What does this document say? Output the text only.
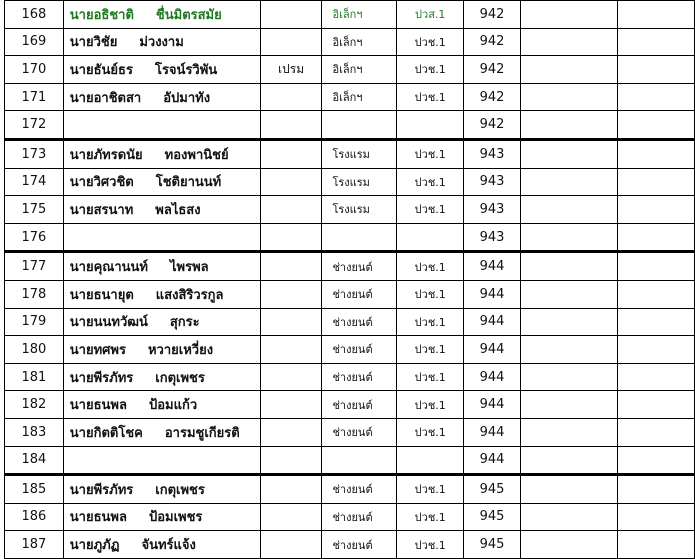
168	นายอธิชาติ ชื่นมิตรสมัย		อิเล็กฯ	ปวส.1	942		
169	นายวิชัย ม่วงงาม		อิเล็กฯ	ปวช.1	942		
170	นายธันย์ธร โรจน์รวิพัน	เปรม	อิเล็กฯ	ปวช.1	942		
171	นายอาชิตสา อัปมาทัง		อิเล็กฯ	ปวช.1	942		
172					942		
173	นายภัทรดนัย ทองพานิชย์		โรงแรม	ปวช.1	943		
174	นายวิศวชิต โชติยานนท์		โรงแรม	ปวช.1	943		
175	นายสรนาท พลไธสง		โรงแรม	ปวช.1	943		
176					943		
177	นายคุณานนท์ ไพรพล		ช่างยนต์	ปวช.1	944		
178	นายธนายุต แสงสิริวรกูล		ช่างยนต์	ปวช.1	944		
179	นายนนทวัฒน์ สุกระ		ช่างยนต์	ปวช.1	944		
180	นายทศพร หวายเหวี่ยง		ช่างยนต์	ปวช.1	944		
181	นายพีรภัทร เกตุเพชร		ช่างยนต์	ปวช.1	944		
182	นายธนพล ป้อมแก้ว		ช่างยนต์	ปวช.1	944		
183	นายกิตติโชค อารมชูเกียรติ		ช่างยนต์	ปวช.1	944		
184					944		
185	นายพีรภัทร เกตุเพชร		ช่างยนต์	ปวช.1	945		
186	นายธนพล ป้อมเพชร		ช่างยนต์	ปวช.1	945		
187	นายภูภัฏ จันทร์แจ้ง		ช่างยนต์	ปวช.1	945		
